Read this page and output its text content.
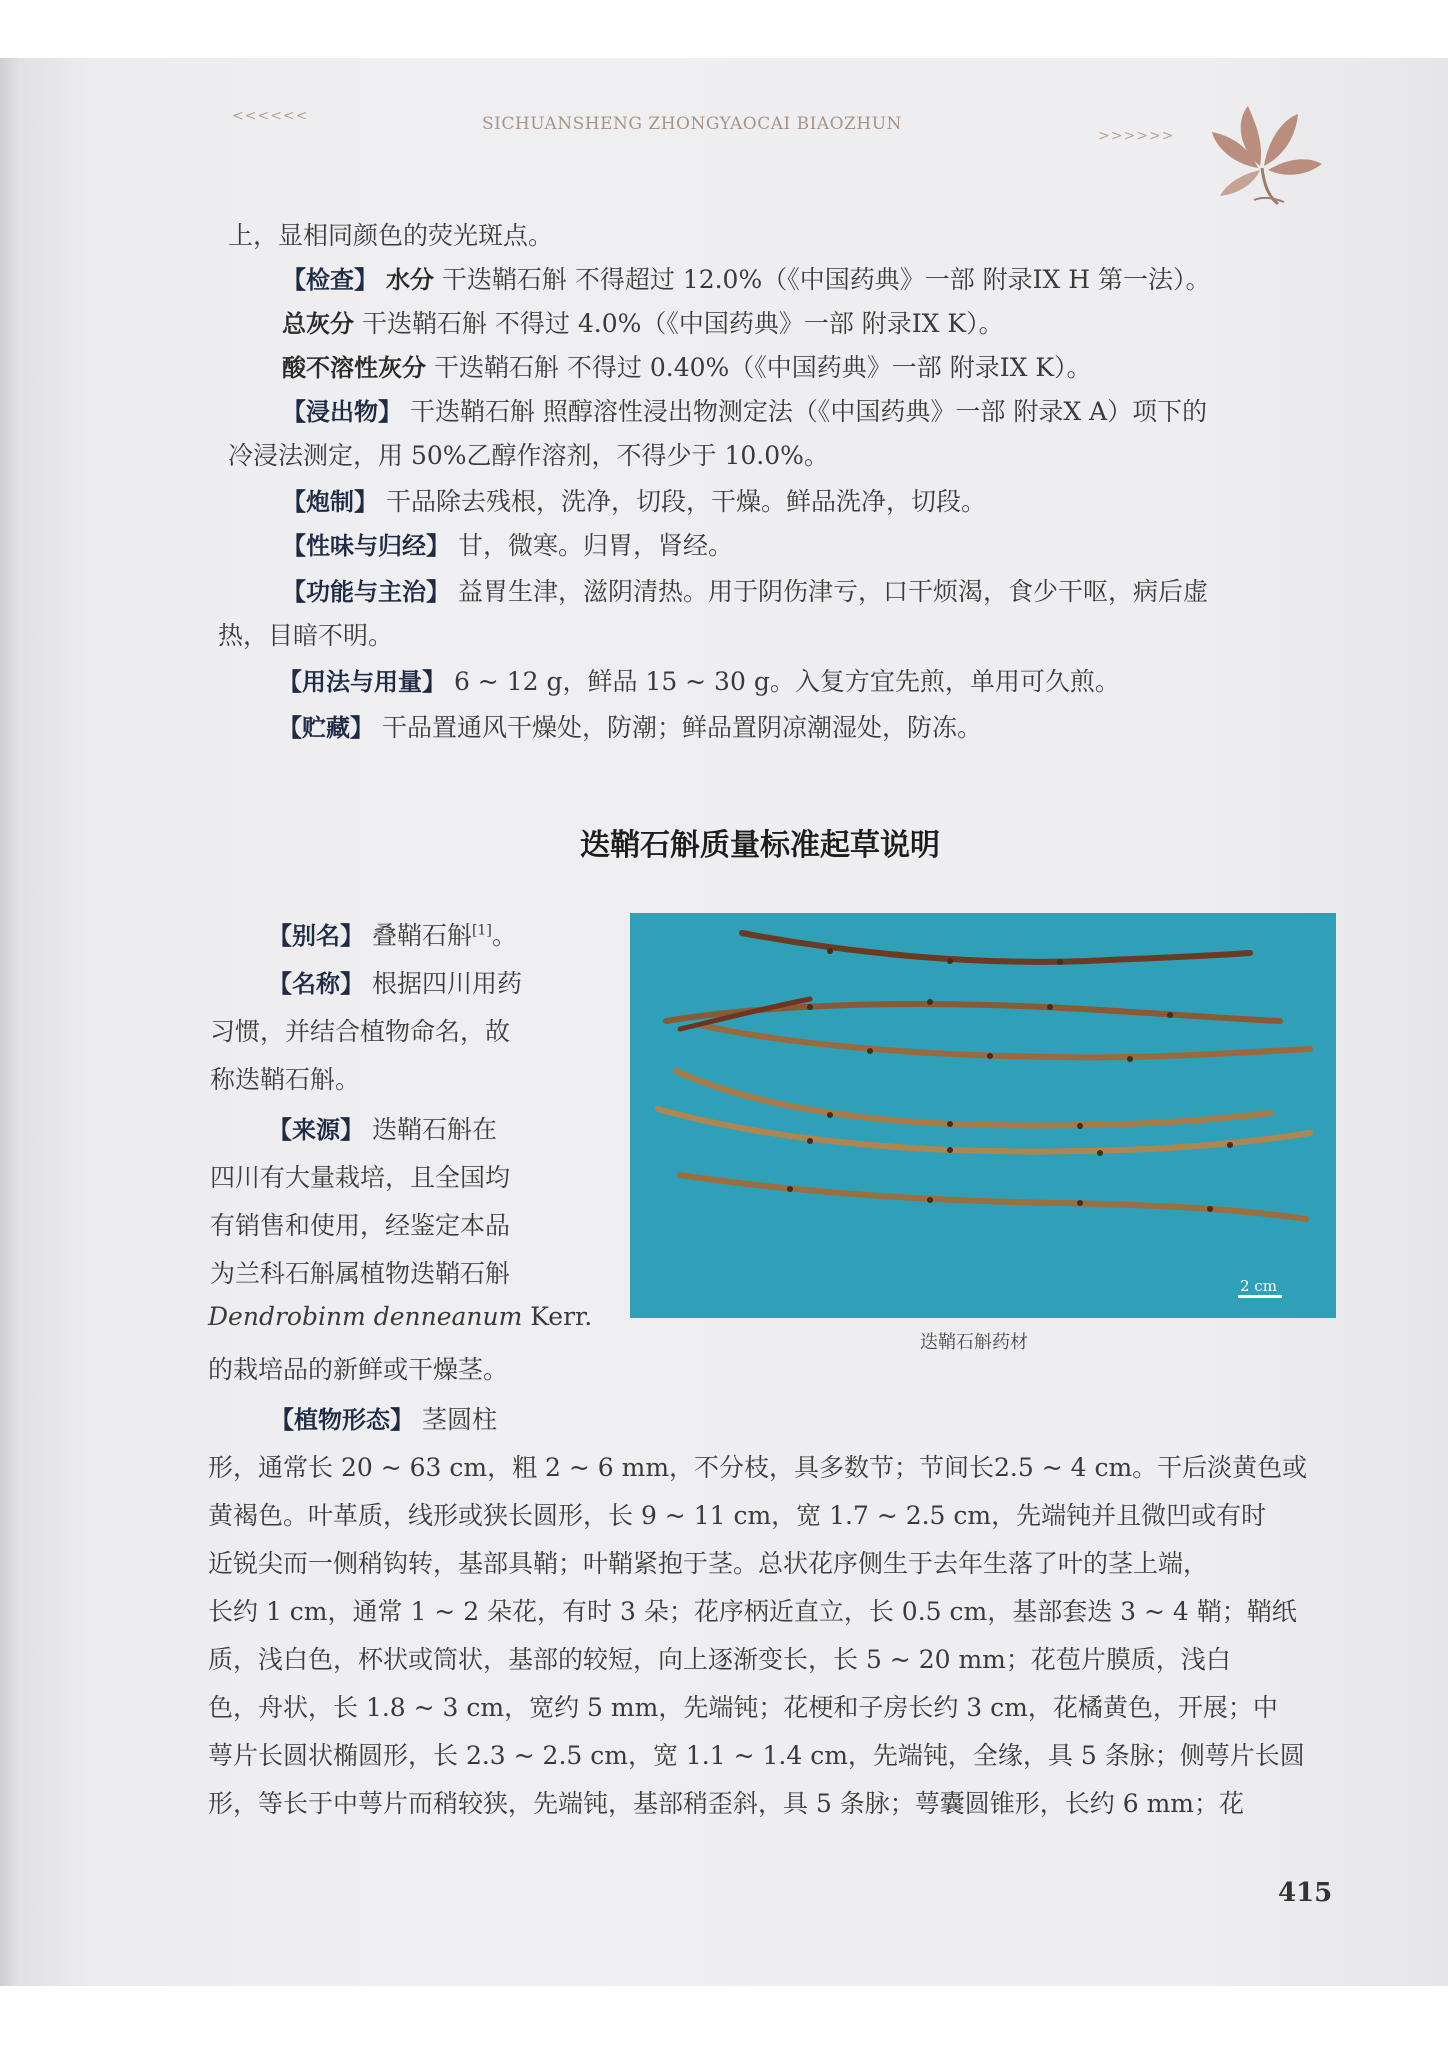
<<<<<<	SICHUANSHENG ZHONGYAOCAI BIAOZHUN
>>>>>>
上，显相同颜色的荧光斑点。
【检查】 水分 干迭鞘石斛 不得超过 12.0%（《中国药典》一部 附录IX H 第一法）。
总灰分 干迭鞘石斛 不得过 4.0%（《中国药典》一部 附录IX K）。
酸不溶性灰分 干迭鞘石斛 不得过 0.40%（《中国药典》一部 附录IX K）。
【浸出物】 干迭鞘石斛 照醇溶性浸出物测定法（《中国药典》一部 附录X A）项下的
冷浸法测定，用 50%乙醇作溶剂，不得少于 10.0%。
【炮制】 干品除去残根，洗净，切段，干燥。鲜品洗净，切段。
【性味与归经】 甘，微寒。归胃，肾经。
【功能与主治】 益胃生津，滋阴清热。用于阴伤津亏，口干烦渴，食少干呕，病后虚
热，目暗不明。
【用法与用量】 6 ~ 12 g，鲜品 15 ~ 30 g。入复方宜先煎，单用可久煎。
【贮藏】 干品置通风干燥处，防潮；鲜品置阴凉潮湿处，防冻。
迭鞘石斛质量标准起草说明
【别名】 叠鞘石斛[1]。
【名称】 根据四川用药
习惯，并结合植物命名，故
称迭鞘石斛。
【来源】 迭鞘石斛在
四川有大量栽培，且全国均
有销售和使用，经鉴定本品
为兰科石斛属植物迭鞘石斛
Dendrobinm denneanum Kerr.
的栽培品的新鲜或干燥茎。
【植物形态】 茎圆柱
2 cm
迭鞘石斛药材
形，通常长 20 ~ 63 cm，粗 2 ~ 6 mm，不分枝，具多数节；节间长2.5 ~ 4 cm。干后淡黄色或
黄褐色。叶革质，线形或狭长圆形，长 9 ~ 11 cm，宽 1.7 ~ 2.5 cm，先端钝并且微凹或有时
近锐尖而一侧稍钩转，基部具鞘；叶鞘紧抱于茎。总状花序侧生于去年生落了叶的茎上端，
长约 1 cm，通常 1 ~ 2 朵花，有时 3 朵；花序柄近直立，长 0.5 cm，基部套迭 3 ~ 4 鞘；鞘纸
质，浅白色，杯状或筒状，基部的较短，向上逐渐变长，长 5 ~ 20 mm；花苞片膜质，浅白
色，舟状，长 1.8 ~ 3 cm，宽约 5 mm，先端钝；花梗和子房长约 3 cm，花橘黄色，开展；中
萼片长圆状椭圆形，长 2.3 ~ 2.5 cm，宽 1.1 ~ 1.4 cm，先端钝，全缘，具 5 条脉；侧萼片长圆
形，等长于中萼片而稍较狭，先端钝，基部稍歪斜，具 5 条脉；萼囊圆锥形，长约 6 mm；花
415
